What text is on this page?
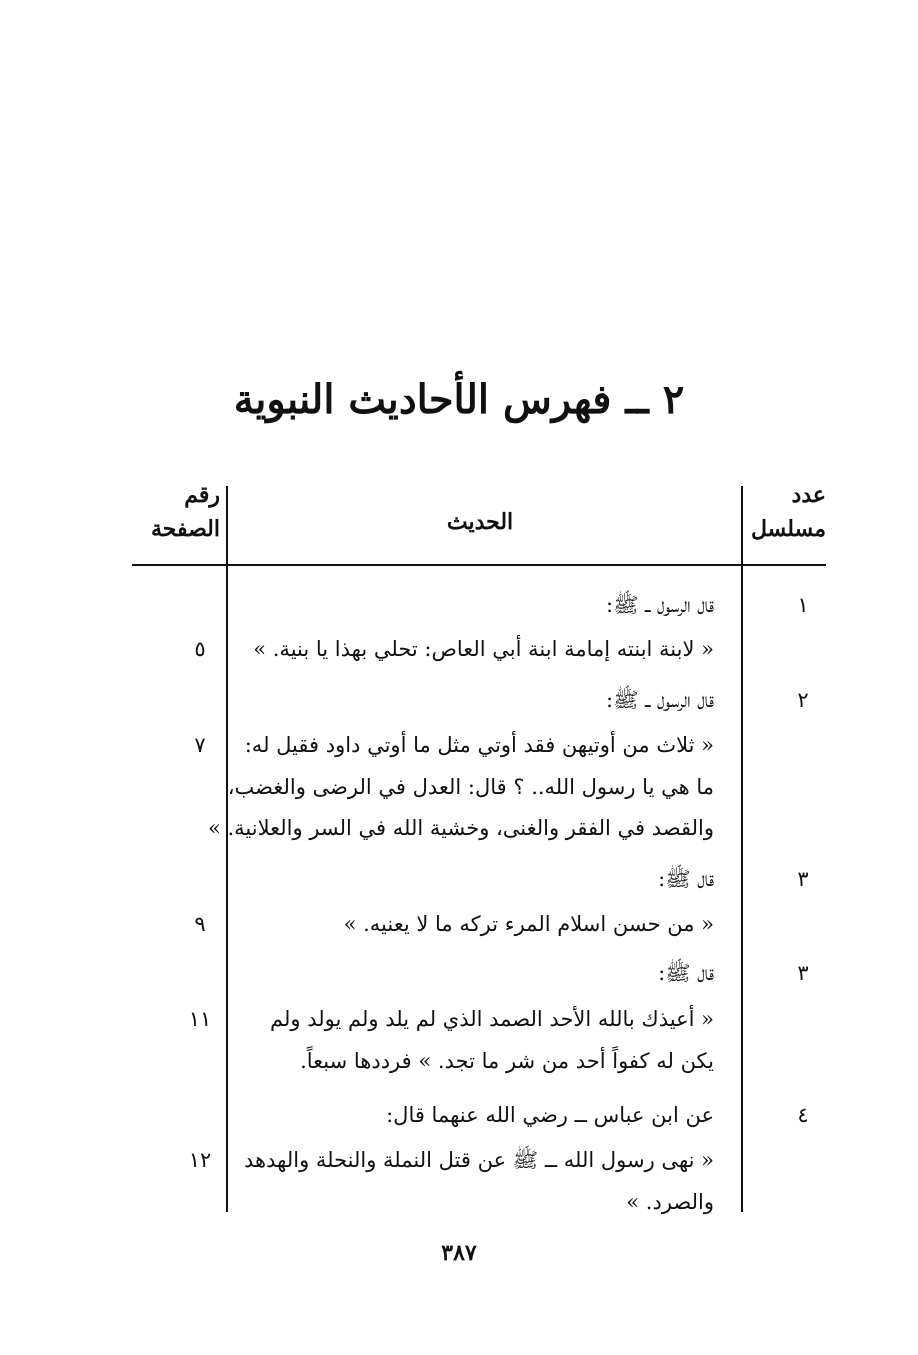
٢ ــ فهرس الأحاديث النبوية
عدد
مسلسل
الحديث
رقم
الصفحة
١
قال الرسول ــ ﷺ:
« لابنة ابنته إمامة ابنة أبي العاص: تحلي بهذا يا بنية. »
٥
٢
قال الرسول ــ ﷺ:
« ثلاث من أوتيهن فقد أوتي مثل ما أوتي داود فقيل له:
ما هي يا رسول الله.. ؟ قال: العدل في الرضى والغضب،
والقصد في الفقر والغنى، وخشية الله في السر والعلانية. »
٧
٣
قال ﷺ:
« من حسن اسلام المرء تركه ما لا يعنيه. »
٩
٣
قال ﷺ:
« أعيذك بالله الأحد الصمد الذي لم يلد ولم يولد ولم
يكن له كفواً أحد من شر ما تجد. » فرددها سبعاً.
١١
٤
عن ابن عباس ــ رضي الله عنهما قال:
« نهى رسول الله ــ ﷺ عن قتل النملة والنحلة والهدهد
والصرد. »
١٢
٣٨٧
